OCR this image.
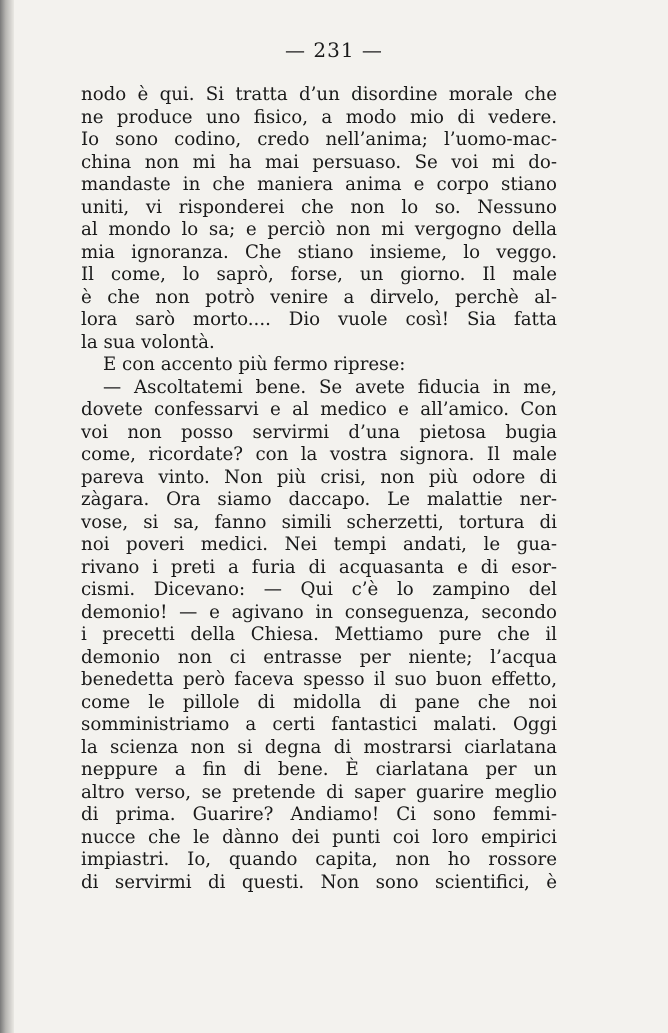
— 231 —
nodo è qui. Si tratta d’un disordine morale che
ne produce uno fisico, a modo mio di vedere.
Io sono codino, credo nell’anima; l’uomo-mac-
china non mi ha mai persuaso. Se voi mi do-
mandaste in che maniera anima e corpo stiano
uniti, vi risponderei che non lo so. Nessuno
al mondo lo sa; e perciò non mi vergogno della
mia ignoranza. Che stiano insieme, lo veggo.
Il come, lo saprò, forse, un giorno. Il male
è che non potrò venire a dirvelo, perchè al-
lora sarò morto.... Dio vuole così! Sia fatta
la sua volontà.
E con accento più fermo riprese:
— Ascoltatemi bene. Se avete fiducia in me,
dovete confessarvi e al medico e all’amico. Con
voi non posso servirmi d’una pietosa bugia
come, ricordate? con la vostra signora. Il male
pareva vinto. Non più crisi, non più odore di
zàgara. Ora siamo daccapo. Le malattie ner-
vose, si sa, fanno simili scherzetti, tortura di
noi poveri medici. Nei tempi andati, le gua-
rivano i preti a furia di acquasanta e di esor-
cismi. Dicevano: — Qui c’è lo zampino del
demonio! — e agivano in conseguenza, secondo
i precetti della Chiesa. Mettiamo pure che il
demonio non ci entrasse per niente; l’acqua
benedetta però faceva spesso il suo buon effetto,
come le pillole di midolla di pane che noi
somministriamo a certi fantastici malati. Oggi
la scienza non si degna di mostrarsi ciarlatana
neppure a fin di bene. È ciarlatana per un
altro verso, se pretende di saper guarire meglio
di prima. Guarire? Andiamo! Ci sono femmi-
nucce che le dànno dei punti coi loro empirici
impiastri. Io, quando capita, non ho rossore
di servirmi di questi. Non sono scientifici, è
